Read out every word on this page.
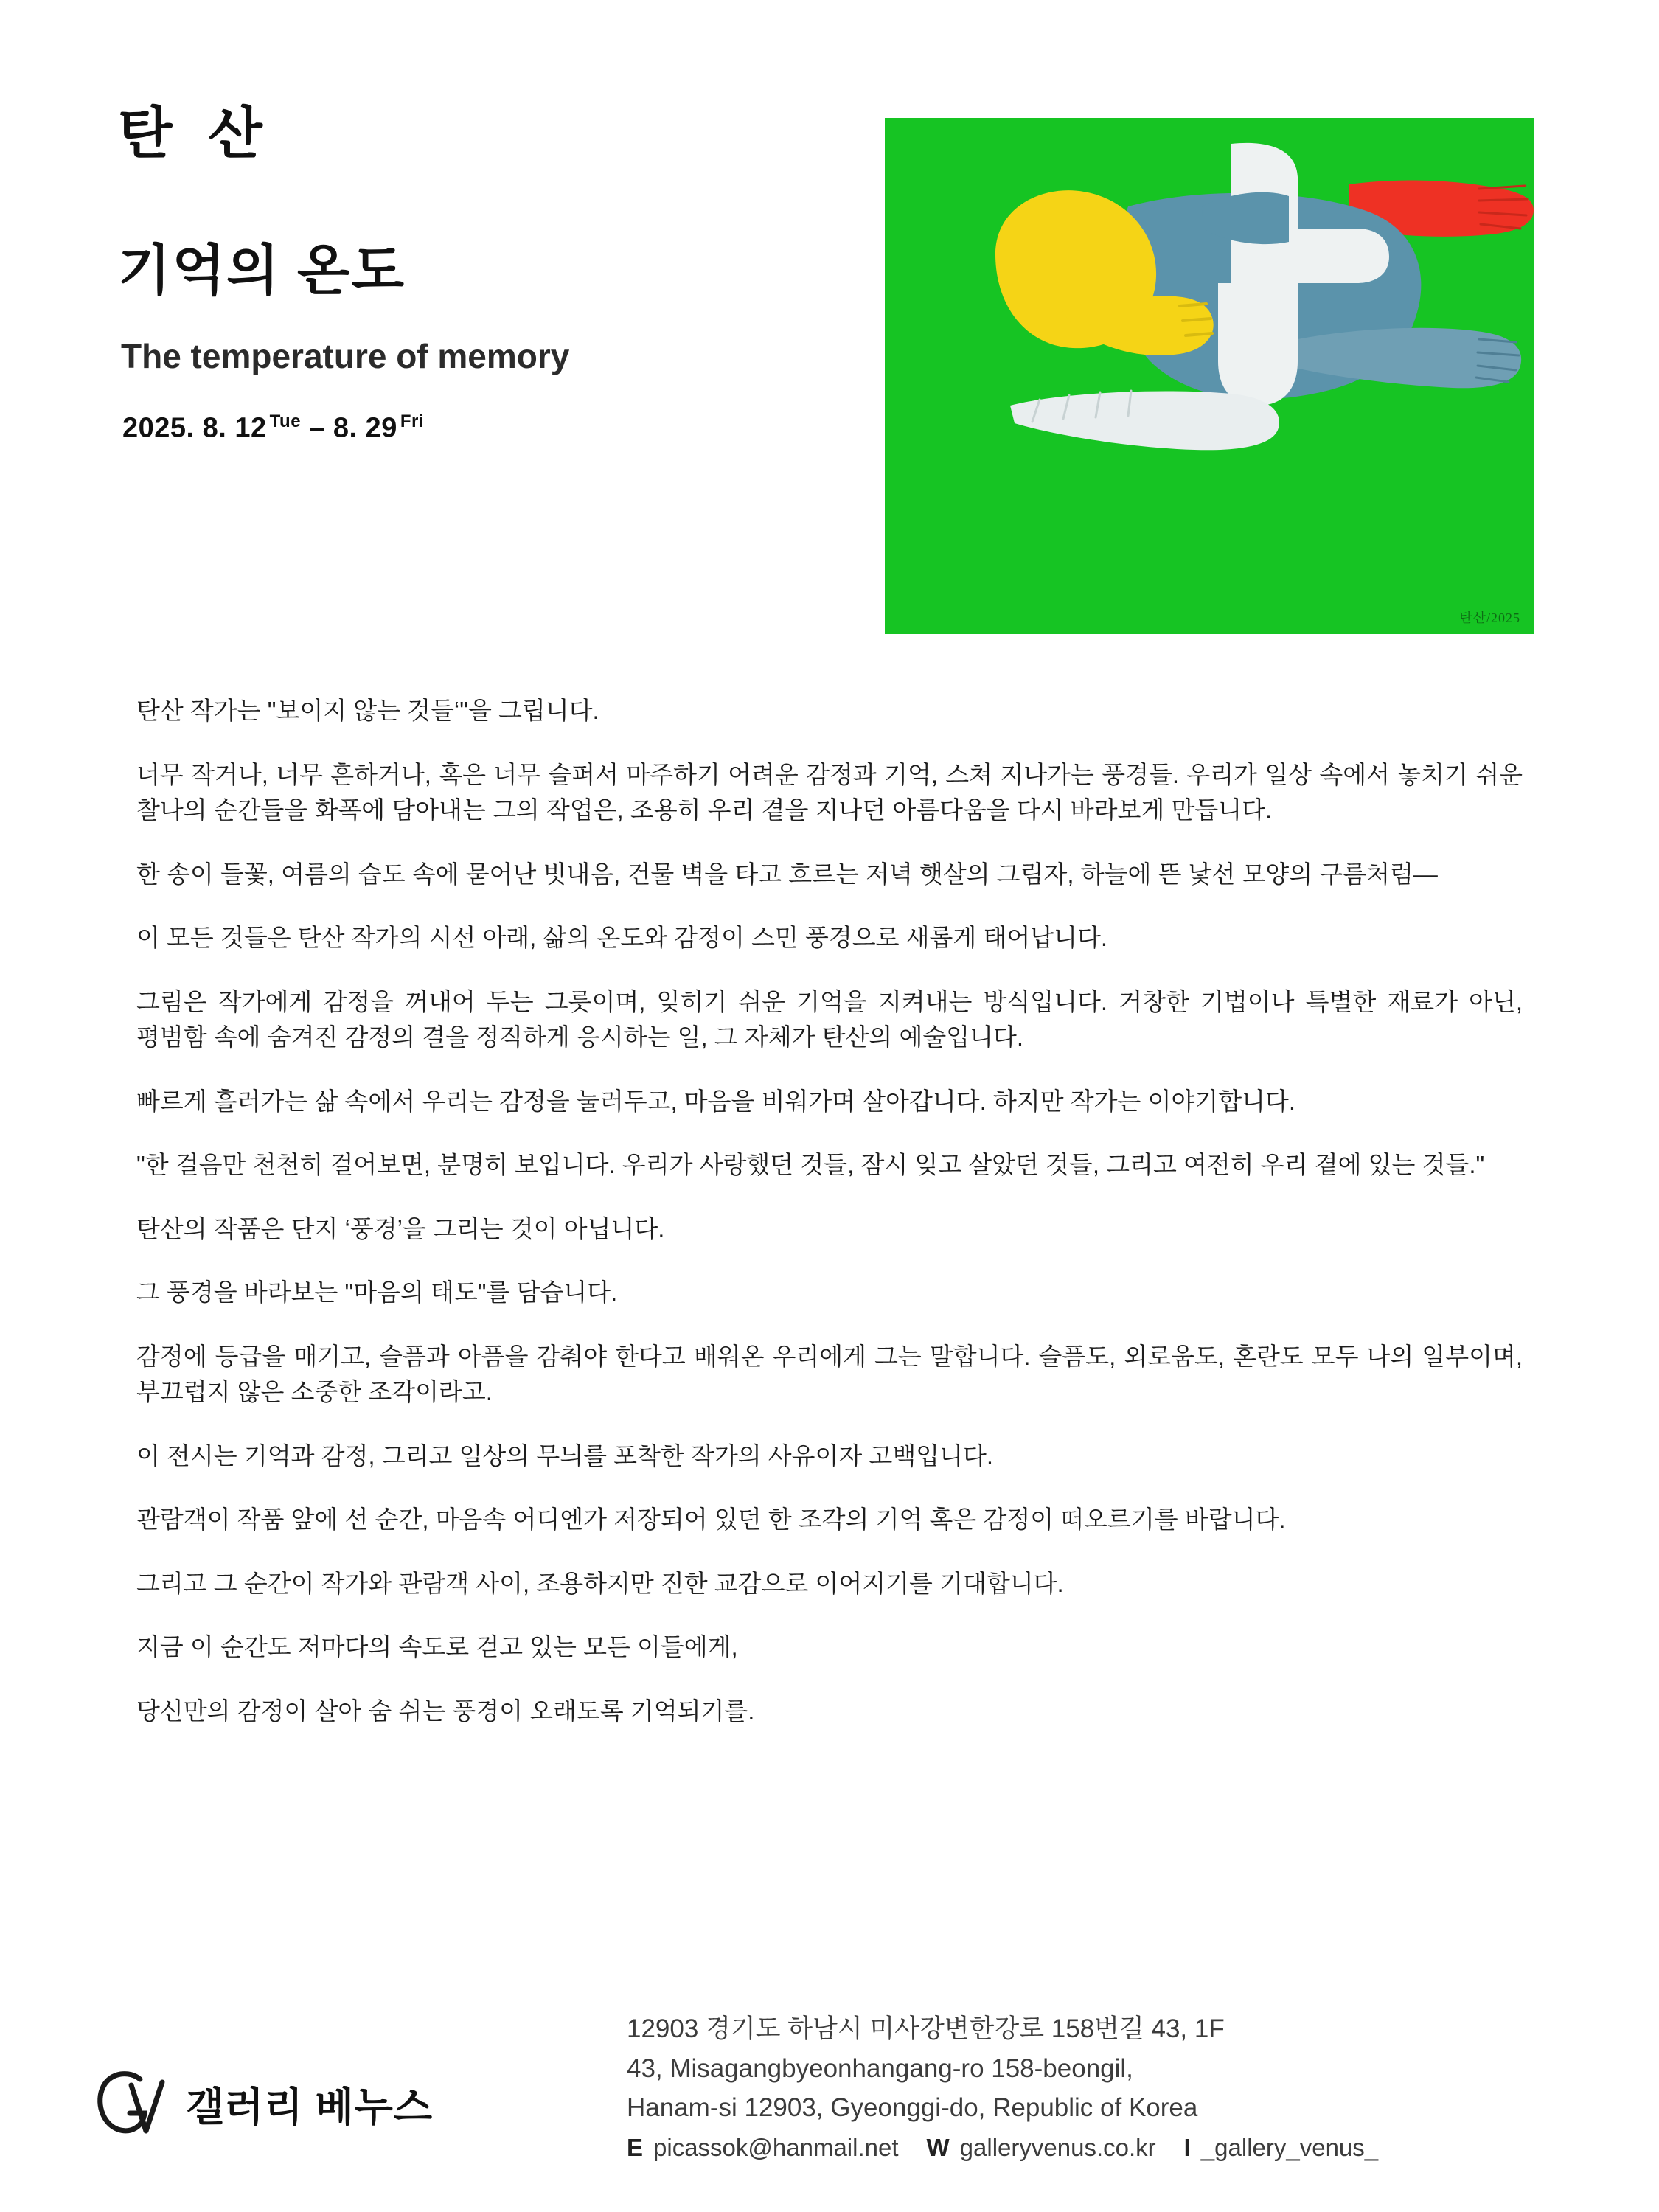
탄 산
기억의 온도
The temperature of memory
2025. 8. 12 $^{Tue}$ – 8. 29 $^{Fri}$
탄산/2025

탄산 작가는 "보이지 않는 것들‘"을 그립니다.

너무 작거나, 너무 흔하거나, 혹은 너무 슬퍼서 마주하기 어려운 감정과 기억, 스쳐 지나가는 풍경들. 우리가 일상 속에서 놓치기 쉬운 찰나의 순간들을 화폭에 담아내는 그의 작업은, 조용히 우리 곁을 지나던 아름다움을 다시 바라보게 만듭니다.

한 송이 들꽃, 여름의 습도 속에 묻어난 빗내음, 건물 벽을 타고 흐르는 저녁 햇살의 그림자, 하늘에 뜬 낯선 모양의 구름처럼—

이 모든 것들은 탄산 작가의 시선 아래, 삶의 온도와 감정이 스민 풍경으로 새롭게 태어납니다.

그림은 작가에게 감정을 꺼내어 두는 그릇이며, 잊히기 쉬운 기억을 지켜내는 방식입니다. 거창한 기법이나 특별한 재료가 아닌, 평범함 속에 숨겨진 감정의 결을 정직하게 응시하는 일, 그 자체가 탄산의 예술입니다.

빠르게 흘러가는 삶 속에서 우리는 감정을 눌러두고, 마음을 비워가며 살아갑니다. 하지만 작가는 이야기합니다.

"한 걸음만 천천히 걸어보면, 분명히 보입니다. 우리가 사랑했던 것들, 잠시 잊고 살았던 것들, 그리고 여전히 우리 곁에 있는 것들."

탄산의 작품은 단지 ‘풍경’을 그리는 것이 아닙니다.

그 풍경을 바라보는 "마음의 태도"를 담습니다.

감정에 등급을 매기고, 슬픔과 아픔을 감춰야 한다고 배워온 우리에게 그는 말합니다. 슬픔도, 외로움도, 혼란도 모두 나의 일부이며, 부끄럽지 않은 소중한 조각이라고.

이 전시는 기억과 감정, 그리고 일상의 무늬를 포착한 작가의 사유이자 고백입니다.

관람객이 작품 앞에 선 순간, 마음속 어디엔가 저장되어 있던 한 조각의 기억 혹은 감정이 떠오르기를 바랍니다.

그리고 그 순간이 작가와 관람객 사이, 조용하지만 진한 교감으로 이어지기를 기대합니다.

지금 이 순간도 저마다의 속도로 걷고 있는 모든 이들에게,

당신만의 감정이 살아 숨 쉬는 풍경이 오래도록 기억되기를.

갤러리 베누스

12903 경기도 하남시 미사강변한강로 158번길 43, 1F

43, Misagangbyeonhangang-ro 158-beongil,

Hanam-si 12903, Gyeonggi-do, Republic of Korea

E picassok@hanmail.net W galleryvenus.co.kr I _gallery_venus_
